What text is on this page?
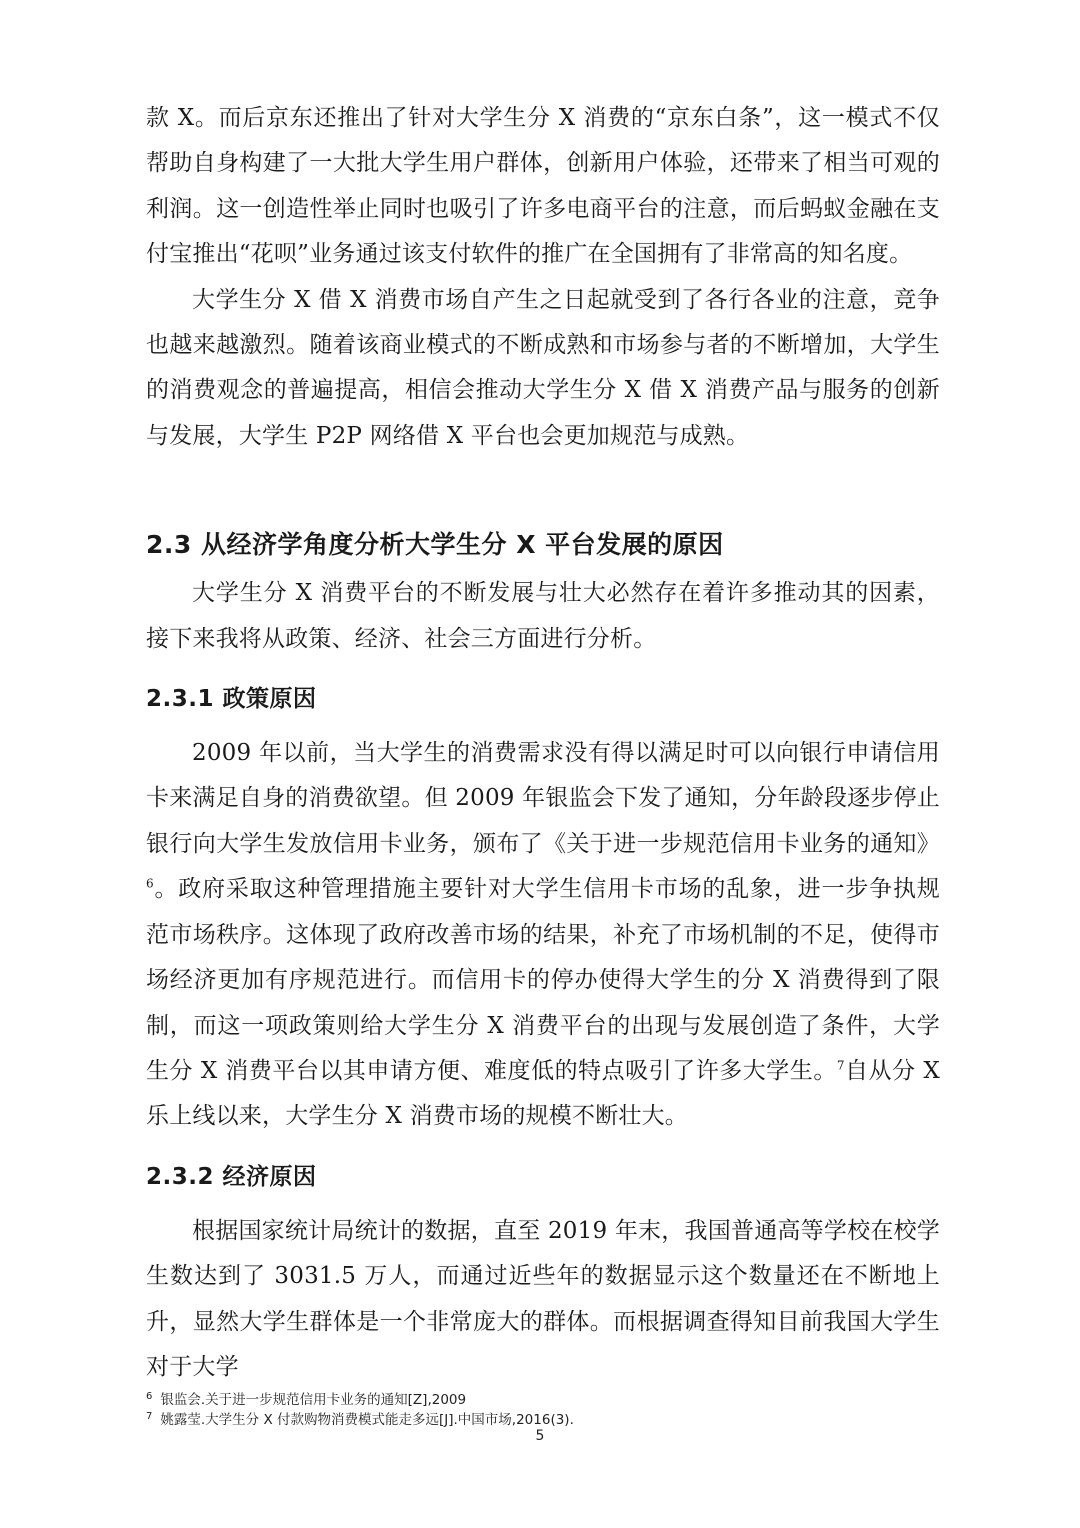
款 X。而后京东还推出了针对大学生分 X 消费的“京东白条”，这一模式不仅帮助自身构建了一大批大学生用户群体，创新用户体验，还带来了相当可观的利润。这一创造性举止同时也吸引了许多电商平台的注意，而后蚂蚁金融在支付宝推出“花呗”业务通过该支付软件的推广在全国拥有了非常高的知名度。

大学生分 X 借 X 消费市场自产生之日起就受到了各行各业的注意，竞争也越来越激烈。随着该商业模式的不断成熟和市场参与者的不断增加，大学生的消费观念的普遍提高，相信会推动大学生分 X 借 X 消费产品与服务的创新与发展，大学生 P2P 网络借 X 平台也会更加规范与成熟。

2.3 从经济学角度分析大学生分 X 平台发展的原因

大学生分 X 消费平台的不断发展与壮大必然存在着许多推动其的因素，接下来我将从政策、经济、社会三方面进行分析。

2.3.1 政策原因

2009 年以前，当大学生的消费需求没有得以满足时可以向银行申请信用卡来满足自身的消费欲望。但 2009 年银监会下发了通知，分年龄段逐步停止银行向大学生发放信用卡业务，颁布了《关于进一步规范信用卡业务的通知》$^6$。政府采取这种管理措施主要针对大学生信用卡市场的乱象，进一步争执规范市场秩序。这体现了政府改善市场的结果，补充了市场机制的不足，使得市场经济更加有序规范进行。而信用卡的停办使得大学生的分 X 消费得到了限制，而这一项政策则给大学生分 X 消费平台的出现与发展创造了条件，大学生分 X 消费平台以其申请方便、难度低的特点吸引了许多大学生。$^7$自从分 X 乐上线以来，大学生分 X 消费市场的规模不断壮大。

2.3.2 经济原因

根据国家统计局统计的数据，直至 2019 年末，我国普通高等学校在校学生数达到了 3031.5 万人，而通过近些年的数据显示这个数量还在不断地上升，显然大学生群体是一个非常庞大的群体。而根据调查得知目前我国大学生对于大学

$^6$ 银监会.关于进一步规范信用卡业务的通知[Z],2009

$^7$ 姚露莹.大学生分 X 付款购物消费模式能走多远[J].中国市场,2016(3).

5
